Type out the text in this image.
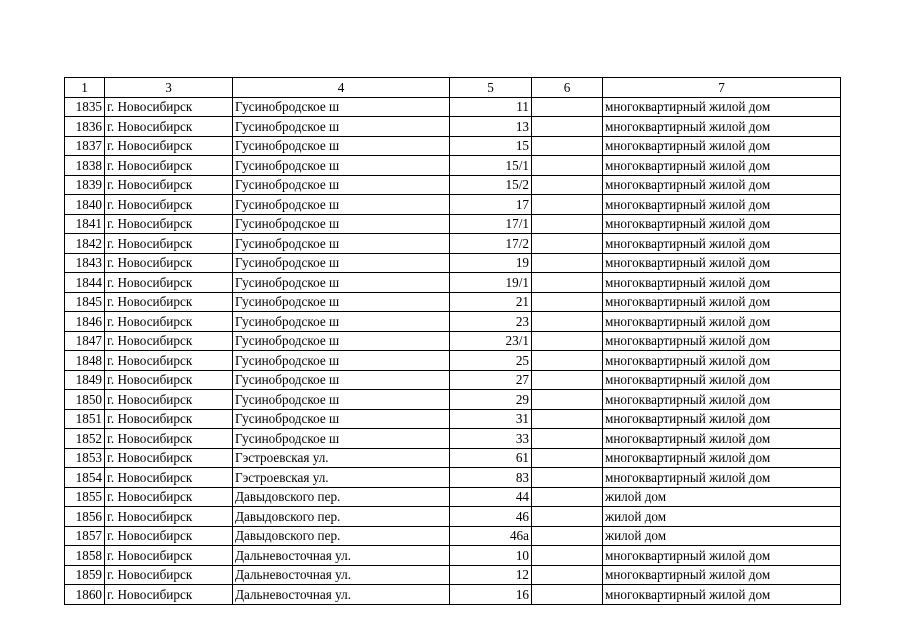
1	3	4	5	6	7
1835	г. Новосибирск	Гусинобродское ш	11		многоквартирный жилой дом
1836	г. Новосибирск	Гусинобродское ш	13		многоквартирный жилой дом
1837	г. Новосибирск	Гусинобродское ш	15		многоквартирный жилой дом
1838	г. Новосибирск	Гусинобродское ш	15/1		многоквартирный жилой дом
1839	г. Новосибирск	Гусинобродское ш	15/2		многоквартирный жилой дом
1840	г. Новосибирск	Гусинобродское ш	17		многоквартирный жилой дом
1841	г. Новосибирск	Гусинобродское ш	17/1		многоквартирный жилой дом
1842	г. Новосибирск	Гусинобродское ш	17/2		многоквартирный жилой дом
1843	г. Новосибирск	Гусинобродское ш	19		многоквартирный жилой дом
1844	г. Новосибирск	Гусинобродское ш	19/1		многоквартирный жилой дом
1845	г. Новосибирск	Гусинобродское ш	21		многоквартирный жилой дом
1846	г. Новосибирск	Гусинобродское ш	23		многоквартирный жилой дом
1847	г. Новосибирск	Гусинобродское ш	23/1		многоквартирный жилой дом
1848	г. Новосибирск	Гусинобродское ш	25		многоквартирный жилой дом
1849	г. Новосибирск	Гусинобродское ш	27		многоквартирный жилой дом
1850	г. Новосибирск	Гусинобродское ш	29		многоквартирный жилой дом
1851	г. Новосибирск	Гусинобродское ш	31		многоквартирный жилой дом
1852	г. Новосибирск	Гусинобродское ш	33		многоквартирный жилой дом
1853	г. Новосибирск	Гэстроевская ул.	61		многоквартирный жилой дом
1854	г. Новосибирск	Гэстроевская ул.	83		многоквартирный жилой дом
1855	г. Новосибирск	Давыдовского пер.	44		жилой дом
1856	г. Новосибирск	Давыдовского пер.	46		жилой дом
1857	г. Новосибирск	Давыдовского пер.	46а		жилой дом
1858	г. Новосибирск	Дальневосточная ул.	10		многоквартирный жилой дом
1859	г. Новосибирск	Дальневосточная ул.	12		многоквартирный жилой дом
1860	г. Новосибирск	Дальневосточная ул.	16		многоквартирный жилой дом
